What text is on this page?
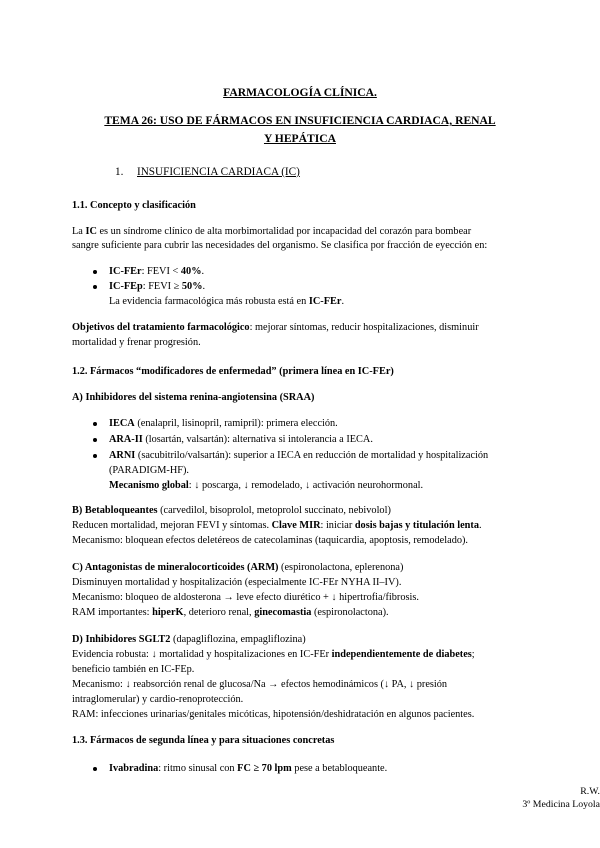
FARMACOLOGÍA CLÍNICA.
TEMA 26: USO DE FÁRMACOS EN INSUFICIENCIA CARDIACA, RENAL
Y HEPÁTICA
1. INSUFICIENCIA CARDIACA (IC)
1.1. Concepto y clasificación
La IC es un síndrome clínico de alta morbimortalidad por incapacidad del corazón para bombear
sangre suficiente para cubrir las necesidades del organismo. Se clasifica por fracción de eyección en:
IC-FEr: FEVI < 40%.
IC-FEp: FEVI ≥ 50%.
La evidencia farmacológica más robusta está en IC-FEr.
Objetivos del tratamiento farmacológico: mejorar síntomas, reducir hospitalizaciones, disminuir
mortalidad y frenar progresión.
1.2. Fármacos “modificadores de enfermedad” (primera línea en IC-FEr)
A) Inhibidores del sistema renina-angiotensina (SRAA)
IECA (enalapril, lisinopril, ramipril): primera elección.
ARA-II (losartán, valsartán): alternativa si intolerancia a IECA.
ARNI (sacubitrilo/valsartán): superior a IECA en reducción de mortalidad y hospitalización
(PARADIGM-HF).
Mecanismo global: ↓ poscarga, ↓ remodelado, ↓ activación neurohormonal.
B) Betabloqueantes (carvedilol, bisoprolol, metoprolol succinato, nebivolol)
Reducen mortalidad, mejoran FEVI y síntomas. Clave MIR: iniciar dosis bajas y titulación lenta.
Mecanismo: bloquean efectos deletéreos de catecolaminas (taquicardia, apoptosis, remodelado).
C) Antagonistas de mineralocorticoides (ARM) (espironolactona, eplerenona)
Disminuyen mortalidad y hospitalización (especialmente IC-FEr NYHA II–IV).
Mecanismo: bloqueo de aldosterona → leve efecto diurético + ↓ hipertrofia/fibrosis.
RAM importantes: hiperK, deterioro renal, ginecomastia (espironolactona).
D) Inhibidores SGLT2 (dapagliflozina, empagliflozina)
Evidencia robusta: ↓ mortalidad y hospitalizaciones en IC-FEr independientemente de diabetes;
beneficio también en IC-FEp.
Mecanismo: ↓ reabsorción renal de glucosa/Na → efectos hemodinámicos (↓ PA, ↓ presión
intraglomerular) y cardio-renoprotección.
RAM: infecciones urinarias/genitales micóticas, hipotensión/deshidratación en algunos pacientes.
1.3. Fármacos de segunda línea y para situaciones concretas
Ivabradina: ritmo sinusal con FC ≥ 70 lpm pese a betabloqueante.
R.W.
3º Medicina Loyola
